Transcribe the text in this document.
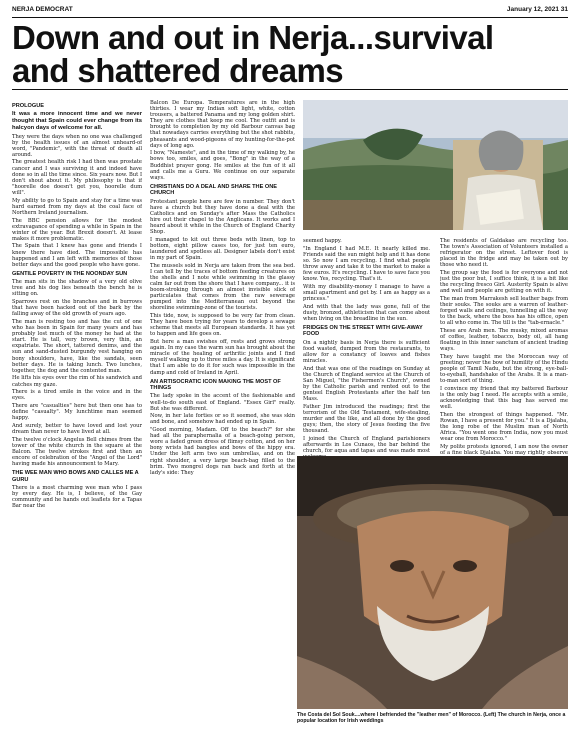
NERJA DEMOCRAT	January 12, 2021 31
Down and out in Nerja...survival
and shattered dreams
PROLOGUE

It was a more innocent time and we never thought that Spain could ever change from its halcyon days of welcome for all.

They were the days when no one was challenged by the health issues of an almost unheard-of word, "Pandemic", with the threat of death all around.

The greatest health risk I had then was prostate cancer and I was surviving it and indeed have done so in all the time since. Six years now. But I don't shout about it. My philosophy is that if "hoorelle doe doesn't get you, hoorelle dum will".

My ability to go to Spain and stay for a time was hard earned from my days at the coal face of Northern Ireland journalism.

The BBC pension allows for the modest extravagance of spending a while in Spain in the winter of the year. But Brexit doesn't. At lease makes it more problematic.

The Spain that I knew has gone and friends I knew there have died. The impossible has happened and I am left with memories of those better days and the good people who have gone.

GENTILE POVERTY IN THE NOONDAY SUN

The man sits in the shadow of a very old olive tree and his dog lies beneath the bench he is sitting on.

Sparrows rest on the branches and in burrows that have been hacked out of the bark by the falling away of the old growth of years ago.

The man is resting too and has the cut of one who has been in Spain for many years and has probably lost much of the money he had at the start. He is tall, very brown, very thin, an expatriate. The short, tattered denims, and the sun and sand-dusted burgundy vest hanging on bony shoulders, have, like the sandals, seen better days. He is taking lunch. Two lunches, together, the dog and the contented man.

He lifts his eyes over the rim of his sandwich and catches my gaze.

There is a tired smile in the voice and in the eyes.

There are "casualties" here but then one has to define "casualty". My lunchtime man seemed happy.

And surely, better to have loved and lost your dream than never to have lived at all.

The twelve o'clock Angelus Bell chimes from the tower of the white church in the square at the Balcon. The twelve strokes first and then an encore of celebration of the "Angel of the Lord" having made his announcement to Mary.

THE WEE MAN WHO BOWS AND CALLES ME A GURU

There is a most charming wee man who I pass by every day. He is, I believe, of the Gay community and he hands out leaflets for a Tapas Bar near the

Balcon De Europa. Temperatures are in the high thirties. I wear my Indian soft light, white, cotton trousers, a battered Panama and my long golden shirt. They are clothes that keep me cool. The outfit and is brought to completion by my old Barbour canvas bag that nowadays carries everything but the shot rabbits, pheasants and wood-pigeons of my hunting-for-the-pot days of long ago.

I bow, "Nameste", and in the time of my walking by, he bows too, smiles, and goes, "Bong" in the way of a Buddhist prayer gong. He smiles at the fun of it all and calls me a Guru. We continue on our separate ways.

CHRISTIANS DO A DEAL AND SHARE THE ONE CHURCH

Protestant people here are few in number. They don't have a church but they have done a deal with the Catholics and on Sunday's after Mass the Catholics hire out their chapel to the Anglicans. It works and I heard about it while in the Church of England Charity Shop.

I managed to kit out three beds with linen, top to bottom, eight pillow cases too, for just ten euro, laundered and spotless all. Designer labels don't exist in my part of Spain.

The mussels sold in Nerja are taken from the sea bed. I can tell by the traces of bottom feeding creatures on the shells and I note while swimming in the glassy calm far out from the shore that I have company... it is boom-stroking through an almost invisible slick of particulates that comes from the raw sewerage pumped into the Mediterranean out beyond the shoreline swimming-zone of the tourists.

This tide, now, is supposed to be very far from clean. They have been trying for years to develop a sewage scheme that meets all European standards. It has yet to happen and life goes on.

But here a man swishes off, rests and grows strong again. In my case the warm sun has brought about the miracle of the healing of arthritic joints and I find myself walking up to three miles a day. It is significant that I am able to do it for such was impossible in the damp and cold of Ireland in April.

AN ARTISOCRATIC ICON MAKING THE MOST OF THINGS

The lady spoke in the accent of the fashionable and well-to-do south east of England. "Essex Girl" really. But she was different.

Now, in her late forties or so it seemed, she was skin and bone, and somehow had ended up in Spain.

"Good morning, Madam. Off to the beach?" for she had all the paraphernalia of a beach-going person, wore a faded green dress of flimsy cotton, and on her bony wrists had bangles and bows of the hippy era. Under the left arm two sun umbrellas, and on the right shoulder, a very large beach-bag filled to the brim. Two mongrel dogs ran back and forth at the lady's side: They

seemed happy.

"In England I had M.E. It nearly killed me. Friends said the sun might help and it has done so. So now I am recycling. I find what people throw away and take it to the market to make a few euros. It's recycling. I have to save face you know. Yes, recycling. That's it.

With my disability-money I manage to have a small apartment and get by. I am as happy as a princess."

And with that the lady was gone, full of the dusty, bronzed, athleticism that can come about when living on the breadline in the sun.

FRIDGES ON THE STREET WITH GIVE-AWAY FOOD

On a nightly basis in Nerja there is sufficient food wasted, dumped from the restaurants, to allow for a constancy of loaves and fishes miracles.

And that was one of the readings on Sunday at the Church of England service at the Church of San Miguel, "the Fishermen's Church", owned by the Catholic parish and rented out to the genteel English Protestants after the half ten Mass.

Father Jim introduced the readings; first the terrorism of the Old Testament, wife-stealing, murder and the like, and all done by the good guys; then, the story of Jesus feeding the five thousand.

I joined the Church of England parishioners afterwards in Los Cunaos, the bar behind the church, for aqua and tapas and was made most

The residents of Galdakao are recycling too. The town's Association of Volunteers installed a refrigerator on the street. Leftover food is placed in the fridge and may be taken out by those who need it.

The group say the food is for everyone and not just the poor but, I suffice think, it is a bit like the recycling fresco Girl. Austerity Spain is alive and well and people are getting on with it.

The man from Marrakesh sell leather bags from their souks. The souks are a warren of leather-forged walls and ceilings, tunnelling all the way to the back, where the boss has his office, open to all who come in. The till is the "tab-ernacle."

These are Arab men. The musky, mixed aromas of coffee, leather, tobacco, body oil, all hang floating in this inner sanctum of ancient trading ways.

They have taught me the Moroccan way of greeting; never the bow of humility of the Hindu people of Tamil Nadu, but the strong, eye-ball-to-eyeball, handshake of the Arabs. It is a man-to-man sort of thing.

I convince my friend that my battered Barbour is the only bag I need. He accepts with a smile, acknowledging that this bag has served me well.

Then the strongest of things happened. "Mr. Rowan, I have a present for you." It is a Djalaba, the long robe of the Muslim man of North Africa. "You went one from India, now you must wear one from Morocco."

My polite protests ignored, I am now the owner of a fine black Djalaba. You may rightly observe

The Costa del Sol Souk....where I befriended the "leather men" of Morocco. (Left) The church in Nerja, once a popular location for Irish weddings
